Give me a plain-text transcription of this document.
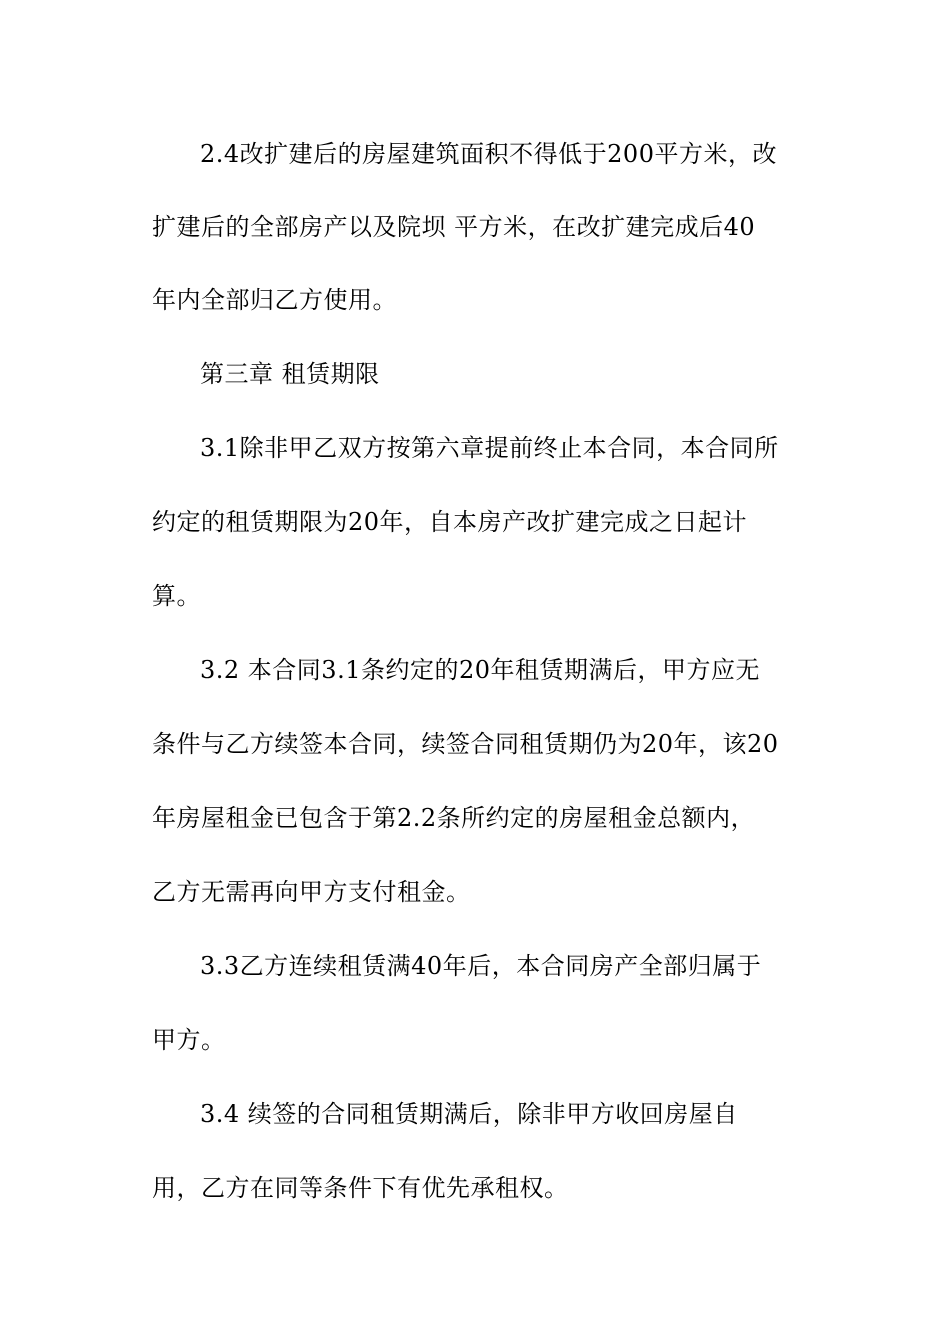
2.4改扩建后的房屋建筑面积不得低于200平方米，改
扩建后的全部房产以及院坝 平方米，在改扩建完成后40
年内全部归乙方使用。
第三章 租赁期限
3.1除非甲乙双方按第六章提前终止本合同，本合同所
约定的租赁期限为20年，自本房产改扩建完成之日起计
算。
3.2 本合同3.1条约定的20年租赁期满后，甲方应无
条件与乙方续签本合同，续签合同租赁期仍为20年，该20
年房屋租金已包含于第2.2条所约定的房屋租金总额内，
乙方无需再向甲方支付租金。
3.3乙方连续租赁满40年后，本合同房产全部归属于
甲方。
3.4 续签的合同租赁期满后，除非甲方收回房屋自
用，乙方在同等条件下有优先承租权。
